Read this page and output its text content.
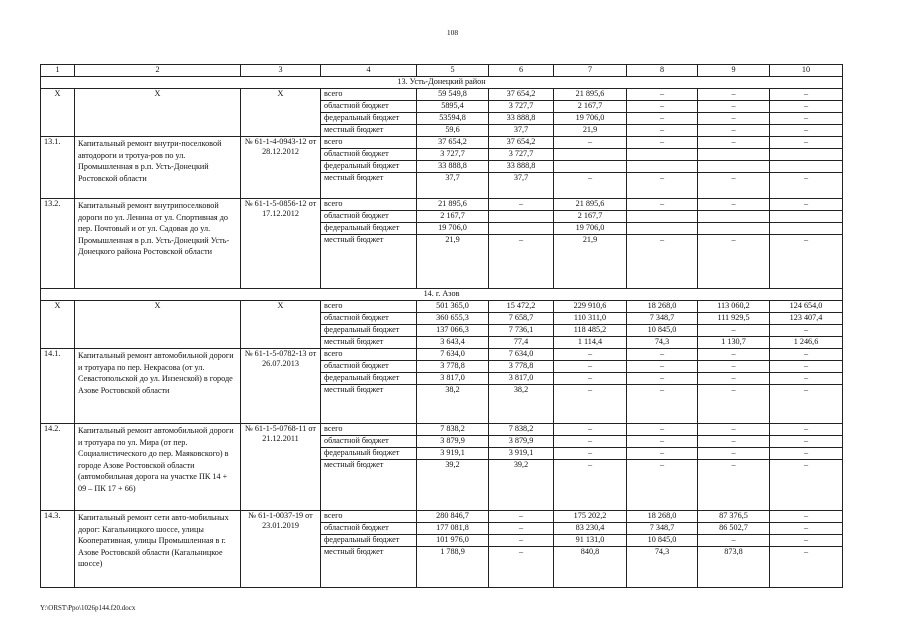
108
1	2	3	4	5	6	7	8	9	10
13. Усть-Донецкий район									
Х	Х	Х	всего	59 549,8	37 654,2	21 895,6	–	–	–
			областной бюджет	5895,4	3 727,7	2 167,7	–	–	–
			федеральный бюджет	53594,8	33 888,8	19 706,0	–	–	–
			местный бюджет	59,6	37,7	21,9	–	–	–
13.1.	Капитальный ремонт внутри-поселковой автодороги и тротуа-ров по ул. Промышленная в р.п. Усть-Донецкий Ростовской области	№ 61-1-4-0943-12 от 28.12.2012	всего	37 654,2	37 654,2	–	–	–	–
			областной бюджет	3 727,7	3 727,7				
			федеральный бюджет	33 888,8	33 888,8				
			местный бюджет	37,7	37,7	–	–	–	–
13.2.	Капитальный ремонт внутрипоселковой дороги по ул. Ленина от ул. Спортивная до пер. Почтовый и от ул. Садовая до ул. Промышленная в р.п. Усть-Донецкий Усть-Донецкого района Ростовской области	№ 61-1-5-0856-12 от 17.12.2012	всего	21 895,6	–	21 895,6	–	–	–
			областной бюджет	2 167,7		2 167,7			
			федеральный бюджет	19 706,0		19 706,0			
			местный бюджет	21,9	–	21,9	–	–	–
14. г. Азов									
Х	Х	Х	всего	501 365,0	15 472,2	229 910,6	18 268,0	113 060,2	124 654,0
			областной бюджет	360 655,3	7 658,7	110 311,0	7 348,7	111 929,5	123 407,4
			федеральный бюджет	137 066,3	7 736,1	118 485,2	10 845,0	–	–
			местный бюджет	3 643,4	77,4	1 114,4	74,3	1 130,7	1 246,6
14.1.	Капитальный ремонт автомобильной дороги и тротуара по пер. Некрасова (от ул. Севастопольской до ул. Инзенской) в городе Азове Ростовской области	№ 61-1-5-0782-13 от 26.07.2013	всего	7 634,0	7 634,0	–	–	–	–
			областной бюджет	3 778,8	3 778,8	–	–	–	–
			федеральный бюджет	3 817,0	3 817,0	–	–	–	–
			местный бюджет	38,2	38,2	–	–	–	–
14.2.	Капитальный ремонт автомобильной дороги и тротуара по ул. Мира (от пер. Социалистического до пер. Маяковского) в городе Азове Ростовской области (автомобильная дорога на участке ПК 14 + 09 – ПК 17 + 66)	№ 61-1-5-0768-11 от 21.12.2011	всего	7 838,2	7 838,2	–	–	–	–
			областной бюджет	3 879,9	3 879,9	–	–	–	–
			федеральный бюджет	3 919,1	3 919,1	–	–	–	–
			местный бюджет	39,2	39,2	–	–	–	–
14.3.	Капитальный ремонт сети авто-мобильных дорог: Кагальницкого шоссе, улицы Кооперативная, улицы Промышленная в г. Азове Ростовской области (Кагальницкое шоссе)	№ 61-1-0037-19 от 23.01.2019	всего	280 846,7	–	175 202,2	18 268,0	87 376,5	–
			областной бюджет	177 081,8	–	83 230,4	7 348,7	86 502,7	–
			федеральный бюджет	101 976,0	–	91 131,0	10 845,0	–	–
			местный бюджет	1 788,9	–	840,8	74,3	873,8	–
Y:\ORST\Ppo\1026p144.f20.docx
